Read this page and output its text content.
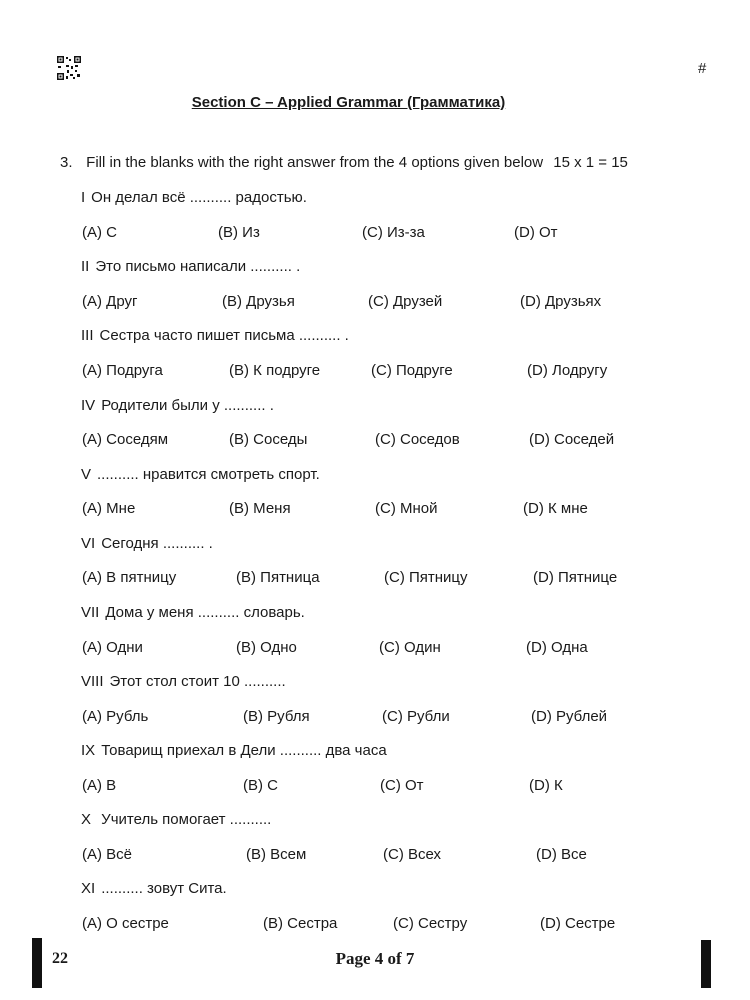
#
Section C – Applied Grammar (Грамматика)
3. Fill in the blanks with the right answer from the 4 options given below 15 x 1 = 15
I Он делал всё .......... радостью.
(A) С	(B) Из	(C) Из-за	(D) От
II Это письмо написали .......... .
(A) Друг	(B) Друзья	(C) Друзей	(D) Друзьях
III Сестра часто пишет письма .......... .
(A) Подруга	(B) К подруге	(C) Подруге	(D) Лодругу
IV Родители были у .......... .
(A) Соседям	(B) Соседы	(C) Соседов	(D) Соседей
V .......... нравится смотреть спорт.
(A) Мне	(B) Меня	(C) Мной	(D) К мне
VI Сегодня .......... .
(A) В пятницу	(B) Пятница	(C) Пятницу	(D) Пятнице
VII Дома у меня .......... словарь.
(A) Одни	(B) Одно	(C) Один	(D) Одна
VIII Этот стол стоит 10 ..........
(A) Рубль	(B) Рубля	(C) Рубли	(D) Рублей
IX Товарищ приехал в Дели .......... два часа
(A) В	(B) С	(C) От	(D) К
X Учитель помогает ..........
(A) Всё	(B) Всем	(C) Всех	(D) Все
XI .......... зовут Сита.
(A) О сестре	(B) Сестра	(C) Сестру	(D) Сестре
22	Page 4 of 7
